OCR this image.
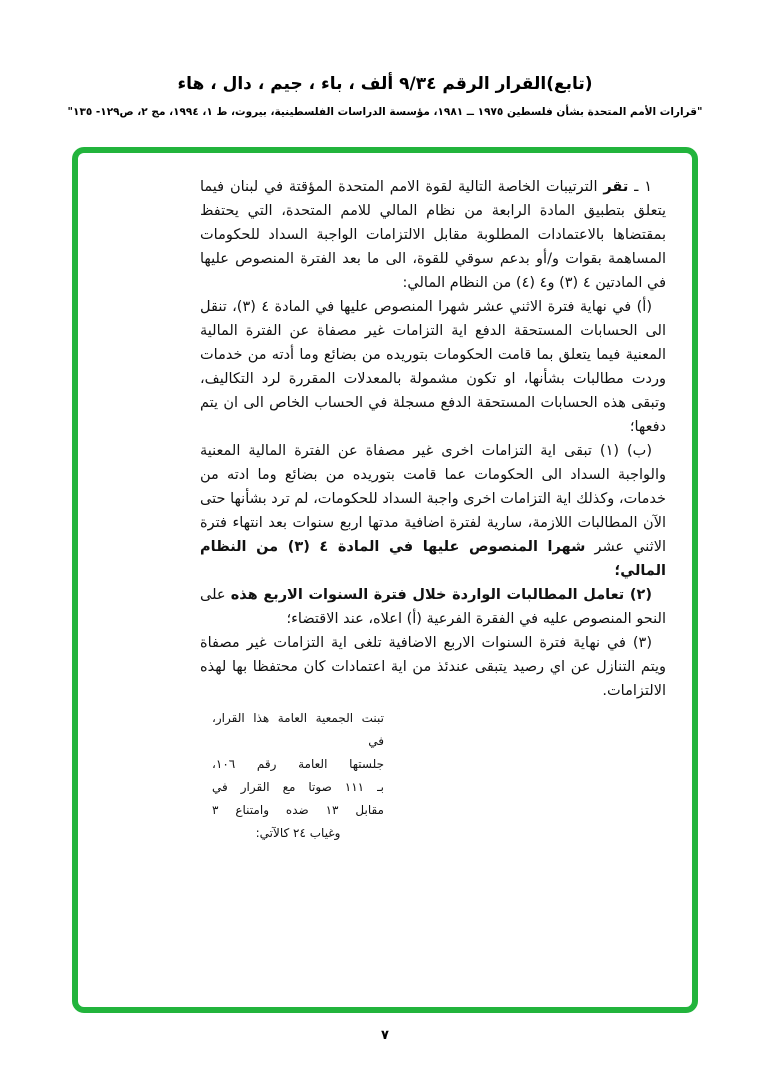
(تابع)القرار الرقم ٩/٣٤ ألف ، باء ، جيم ، دال ، هاء
"قرارات الأمم المتحدة بشأن فلسطين ١٩٧٥ ــ ١٩٨١، مؤسسة الدراسات الفلسطينية، بيروت، ط ١، ١٩٩٤، مج ٢، ص١٢٩- ١٣٥"

١ ـ تقر الترتيبات الخاصة التالية لقوة الامم المتحدة المؤقتة في لبنان فيما يتعلق بتطبيق المادة الرابعة من نظام المالي للامم المتحدة، التي يحتفظ بمقتضاها بالاعتمادات المطلوبة مقابل الالتزامات الواجبة السداد للحكومات المساهمة بقوات و/أو بدعم سوقي للقوة، الى ما بعد الفترة المنصوص عليها في المادتين ٤ (٣) و٤ (٤) من النظام المالي:

(أ) في نهاية فترة الاثني عشر شهرا المنصوص عليها في المادة ٤ (٣)، تنقل الى الحسابات المستحقة الدفع اية التزامات غير مصفاة عن الفترة المالية المعنية فيما يتعلق بما قامت الحكومات بتوريده من بضائع وما أدته من خدمات وردت مطالبات بشأنها، او تكون مشمولة بالمعدلات المقررة لرد التكاليف، وتبقى هذه الحسابات المستحقة الدفع مسجلة في الحساب الخاص الى ان يتم دفعها؛

(ب) (١) تبقى اية التزامات اخرى غير مصفاة عن الفترة المالية المعنية والواجبة السداد الى الحكومات عما قامت بتوريده من بضائع وما ادته من خدمات، وكذلك اية التزامات اخرى واجبة السداد للحكومات، لم ترد بشأنها حتى الآن المطالبات اللازمة، سارية لفترة اضافية مدتها اربع سنوات بعد انتهاء فترة الاثني عشر شهرا المنصوص عليها في المادة ٤ (٣) من النظام المالي؛

(٢) تعامل المطالبات الواردة خلال فترة السنوات الاربع هذه على النحو المنصوص عليه في الفقرة الفرعية (أ) اعلاه، عند الاقتضاء؛

(٣) في نهاية فترة السنوات الاربع الاضافية تلغى اية التزامات غير مصفاة ويتم التنازل عن اي رصيد يتبقى عندئذ من اية اعتمادات كان محتفظا بها لهذه الالتزامات.

تبنت الجمعية العامة هذا القرار، في
جلستها العامة رقم ١٠٦،
بـ ١١١ صوتا مع القرار في
مقابل ١٣ ضده وامتناع ٣
وغياب ٢٤ كالآتي:
٧
